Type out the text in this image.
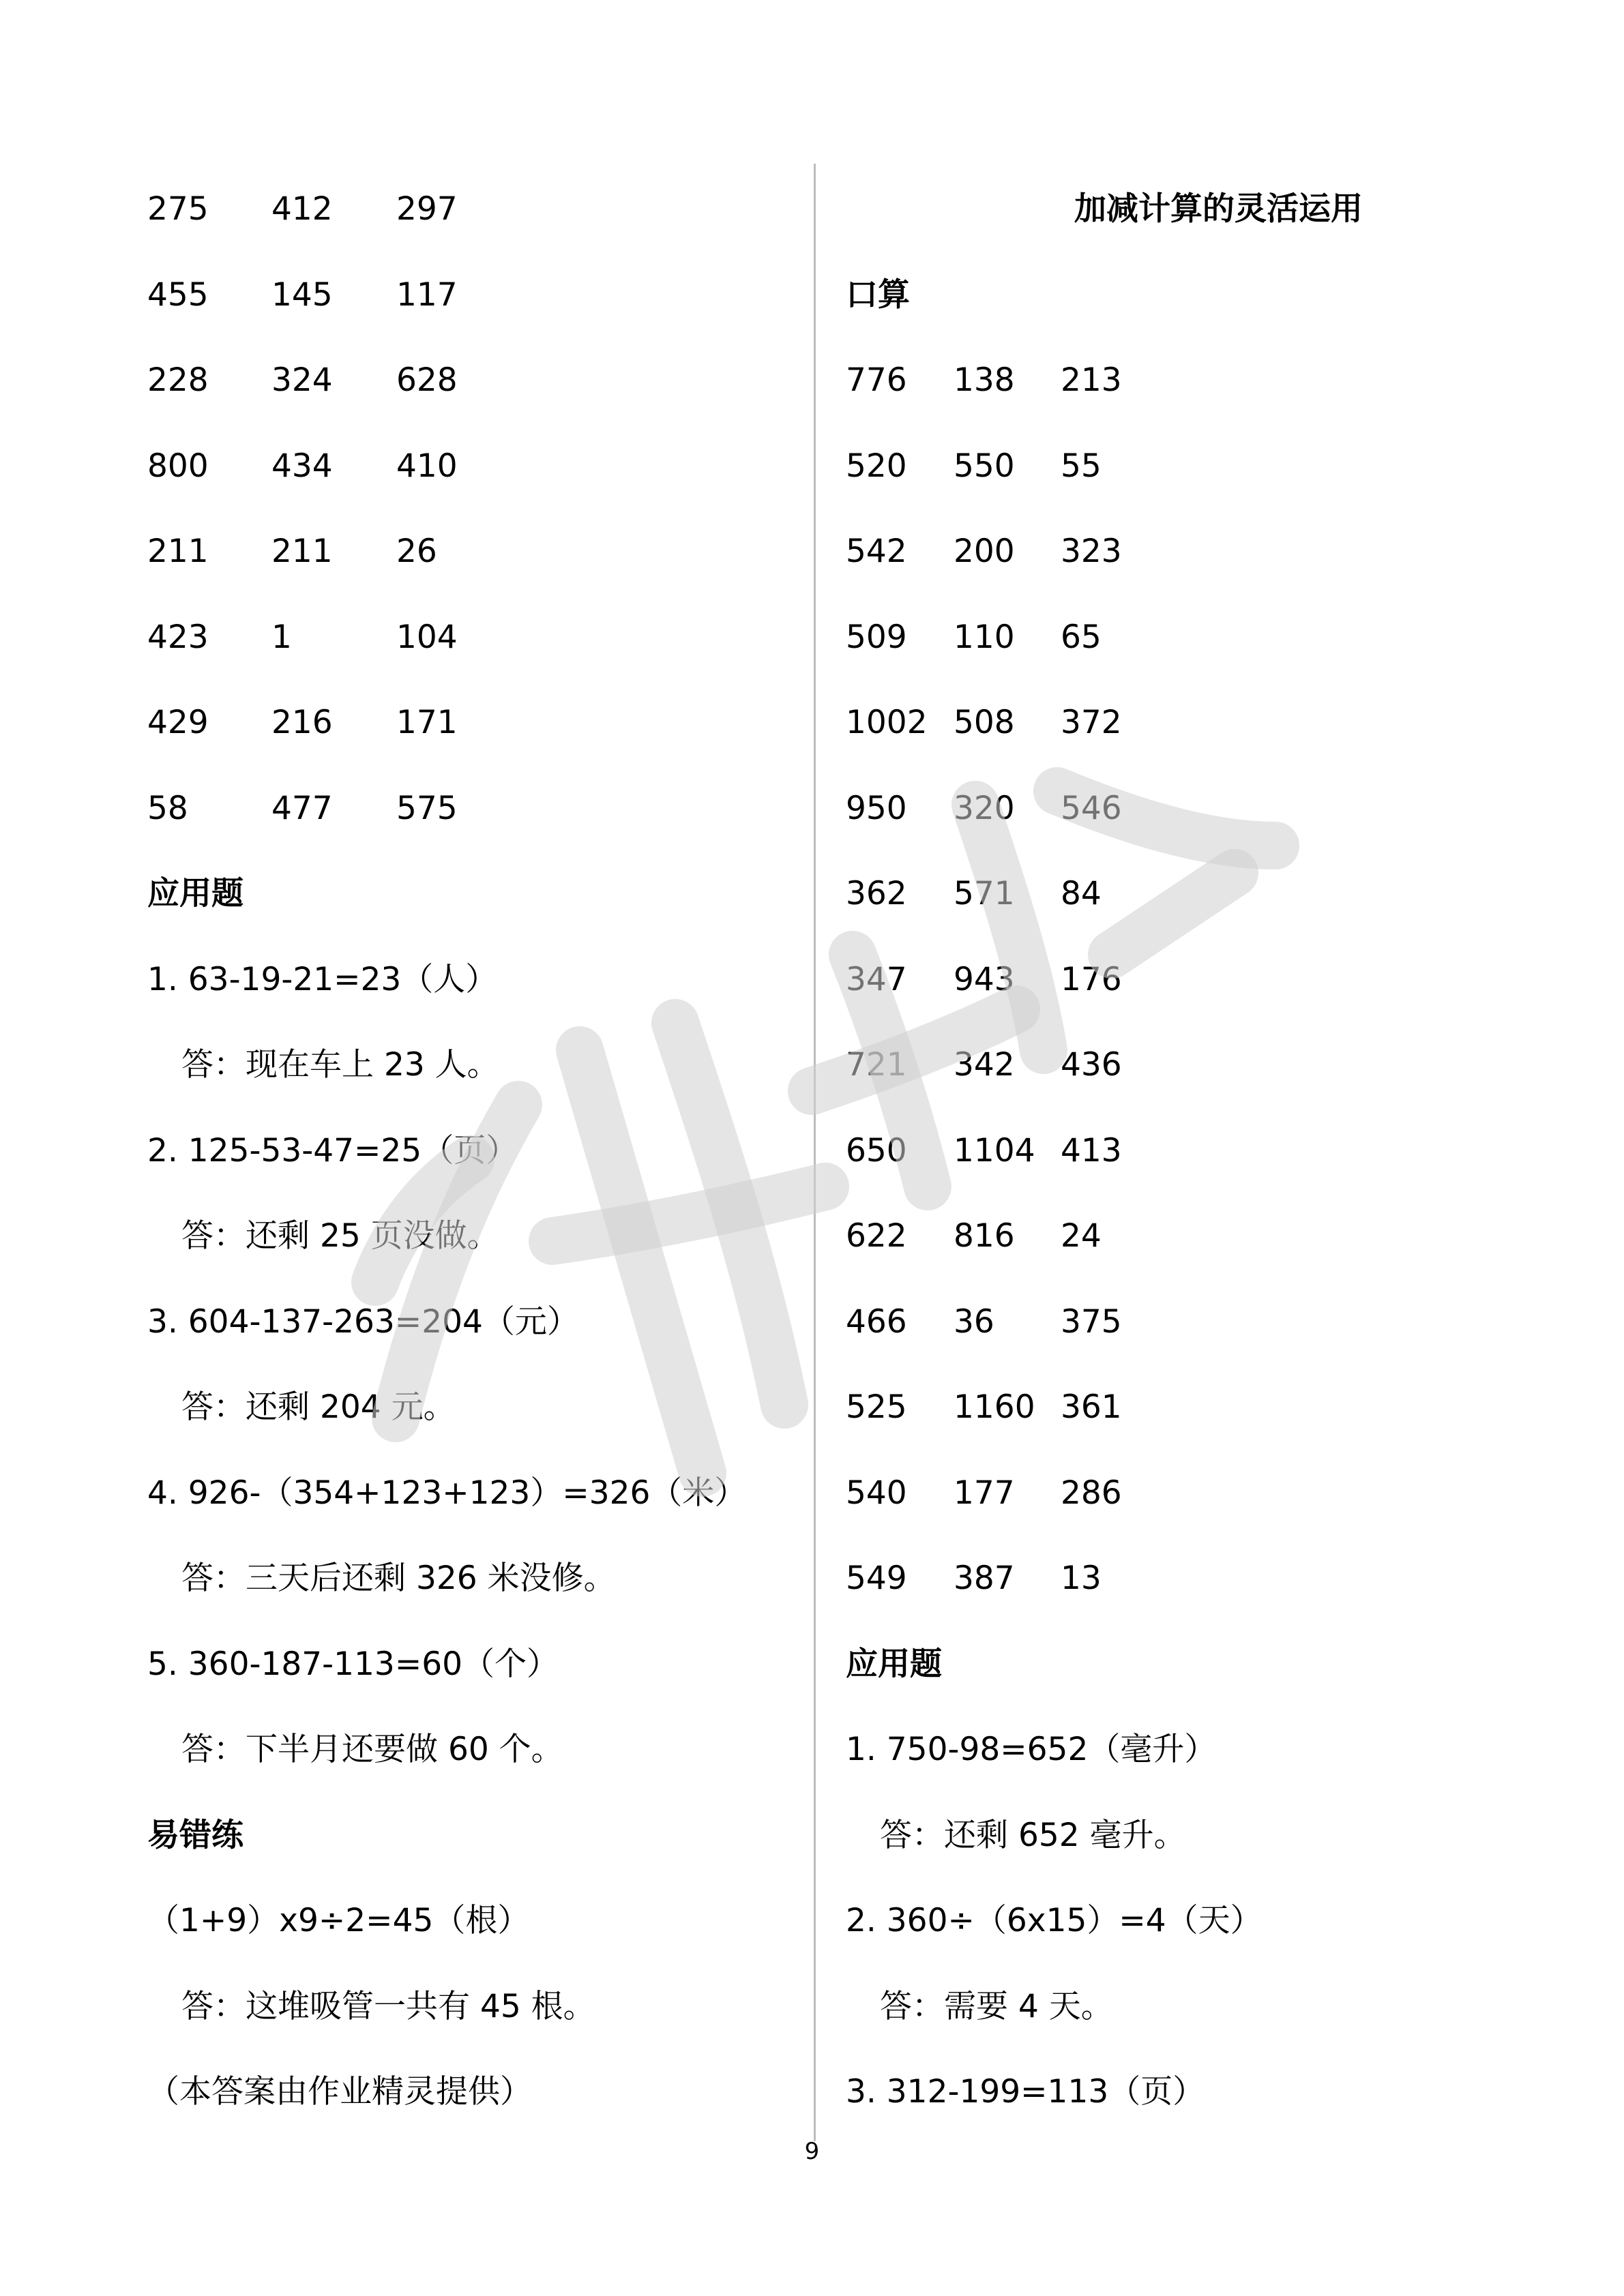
275 412 297
455 145 117
228 324 628
800 434 410
211 211 26
423 1	104
429 216 171
58	477 575
应用题
1. 63-19-21=23（人）
答：现在车上 23 人。
2. 125-53-47=25（页）
答：还剩 25 页没做。
3. 604-137-263=204（元）
答：还剩 204 元。
4. 926-（354+123+123）=326（米）
答：三天后还剩 326 米没修。
5. 360-187-113=60（个）
答：下半月还要做 60 个。
易错练
（1+9）x9÷2=45（根）
答：这堆吸管一共有 45 根。
（本答案由作业精灵提供）
加减计算的灵活运用
口算
776 138 213
520 550 55
542 200 323
509 110 65
1002 508 372
950 320 546
362 571 84
347 943 176
721 342 436
650 1104 413
622 816 24
466 36 375
525 1160 361
540 177 286
549 387 13
应用题
1. 750-98=652（毫升）
答：还剩 652 毫升。
2. 360÷（6x15）=4（天）
答：需要 4 天。
3. 312-199=113（页）
9
